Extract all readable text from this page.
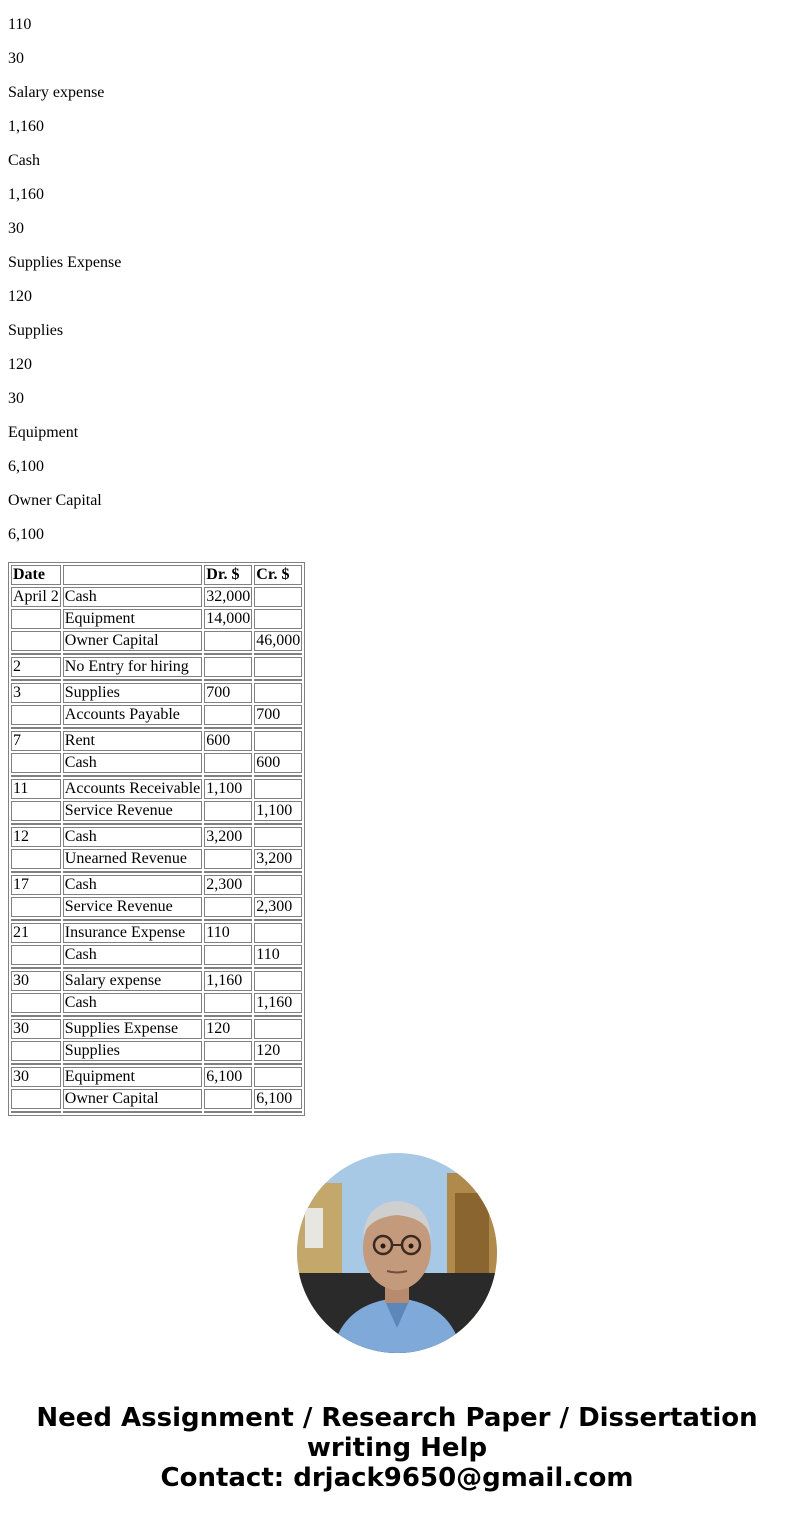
110

30

Salary expense

1,160

Cash

1,160

30

Supplies Expense

120

Supplies

120

30

Equipment

6,100

Owner Capital

6,100

Date		Dr. $	Cr. $
April 2	Cash	32,000	
	Equipment	14,000	
	Owner Capital		46,000

2	No Entry for hiring		

3	Supplies	700	
	Accounts Payable		700

7	Rent	600	
	Cash		600

11	Accounts Receivable	1,100	
	Service Revenue		1,100

12	Cash	3,200	
	Unearned Revenue		3,200

17	Cash	2,300	
	Service Revenue		2,300

21	Insurance Expense	110	
	Cash		110

30	Salary expense	1,160	
	Cash		1,160

30	Supplies Expense	120	
	Supplies		120

30	Equipment	6,100	
	Owner Capital		6,100

Need Assignment / Research Paper / Dissertation
writing Help
Contact: drjack9650@gmail.com
